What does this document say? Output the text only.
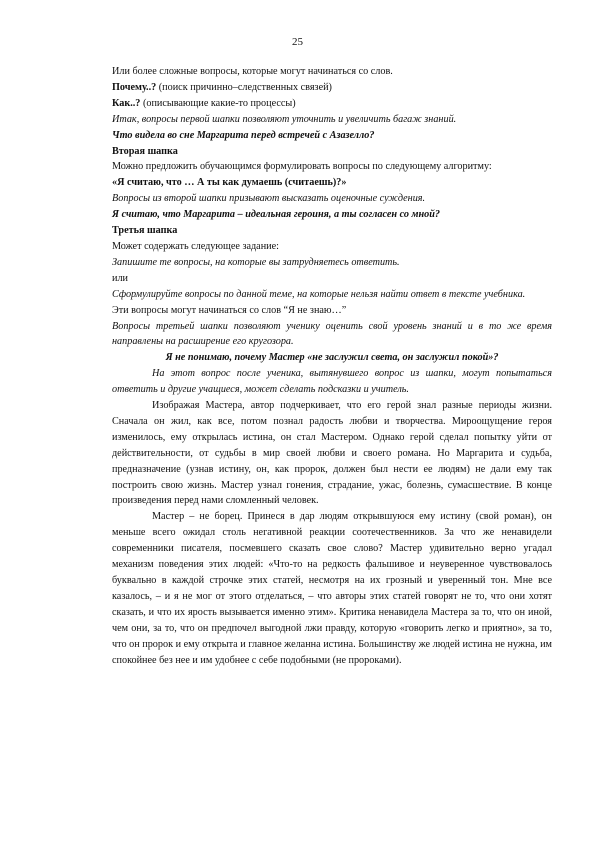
25

Или более сложные вопросы, которые могут начинаться со слов.

Почему..? (поиск причинно–следственных связей)

Как..? (описывающие какие-то процессы)

Итак, вопросы первой шапки позволяют уточнить и увеличить багаж знаний.

Что видела во сне Маргарита перед встречей с Азазелло?

Вторая шапка

Можно предложить обучающимся формулировать вопросы по следующему алгоритму:

«Я считаю, что … А ты как думаешь (считаешь)?»

Вопросы из второй шапки призывают высказать оценочные суждения.

Я считаю, что Маргарита – идеальная героиня, а ты согласен со мной?

Третья шапка

Может содержать следующее задание:

Запишите те вопросы, на которые вы затрудняетесь ответить.

или

Сформулируйте вопросы по данной теме, на которые нельзя найти ответ в тексте учебника.

Эти вопросы могут начинаться со слов “Я не знаю…”

Вопросы третьей шапки позволяют ученику оценить свой уровень знаний и в то же время направлены на расширение его кругозора.

Я не понимаю, почему Мастер «не заслужил света, он заслужил покой»?

На этот вопрос после ученика, вытянувшего вопрос из шапки, могут попытаться ответить и другие учащиеся, может сделать подсказки и учитель.

Изображая Мастера, автор подчеркивает, что его герой знал разные периоды жизни. Сначала он жил, как все, потом познал радость любви и творчества. Мироощущение героя изменилось, ему открылась истина, он стал Мастером. Однако герой сделал попытку уйти от действительности, от судьбы в мир своей любви и своего романа. Но Маргарита и судьба, предназначение (узнав истину, он, как пророк, должен был нести ее людям) не дали ему так построить свою жизнь. Мастер узнал гонения, страдание, ужас, болезнь, сумасшествие. В конце произведения перед нами сломленный человек.

Мастер – не борец. Принеся в дар людям открывшуюся ему истину (свой роман), он меньше всего ожидал столь негативной реакции соотечественников. За что же ненавидели современники писателя, посмевшего сказать свое слово? Мастер удивительно верно угадал механизм поведения этих людей: «Что-то на редкость фальшивое и неуверенное чувствовалось буквально в каждой строчке этих статей, несмотря на их грозный и уверенный тон. Мне все казалось, – и я не мог от этого отделаться, – что авторы этих статей говорят не то, что они хотят сказать, и что их ярость вызывается именно этим». Критика ненавидела Мастера за то, что он иной, чем они, за то, что он предпочел выгодной лжи правду, которую «говорить легко и приятно», за то, что он пророк и ему открыта и главное желанна истина. Большинству же людей истина не нужна, им спокойнее без нее и им удобнее с себе подобными (не пророками).
